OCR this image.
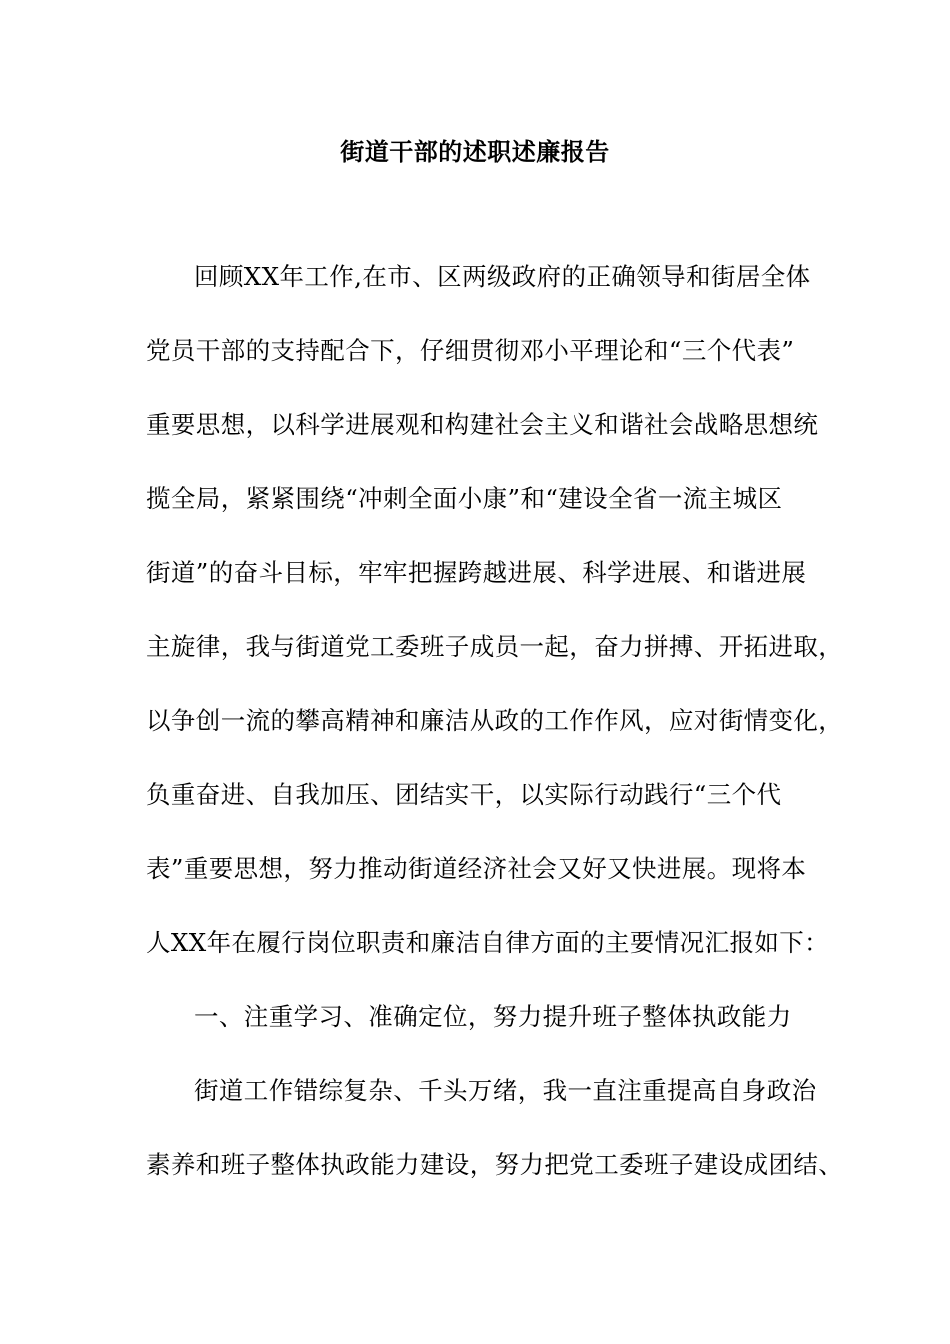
街道干部的述职述廉报告
回顾XX年工作,在市、区两级政府的正确领导和街居全体
党员干部的支持配合下，仔细贯彻邓小平理论和“三个代表”
重要思想，以科学进展观和构建社会主义和谐社会战略思想统
揽全局，紧紧围绕“冲刺全面小康”和“建设全省一流主城区
街道”的奋斗目标，牢牢把握跨越进展、科学进展、和谐进展
主旋律，我与街道党工委班子成员一起，奋力拼搏、开拓进取，
以争创一流的攀高精神和廉洁从政的工作作风，应对街情变化，
负重奋进、自我加压、团结实干，以实际行动践行“三个代
表”重要思想，努力推动街道经济社会又好又快进展。现将本
人XX年在履行岗位职责和廉洁自律方面的主要情况汇报如下：
一、注重学习、准确定位，努力提升班子整体执政能力
街道工作错综复杂、千头万绪，我一直注重提高自身政治
素养和班子整体执政能力建设，努力把党工委班子建设成团结、
